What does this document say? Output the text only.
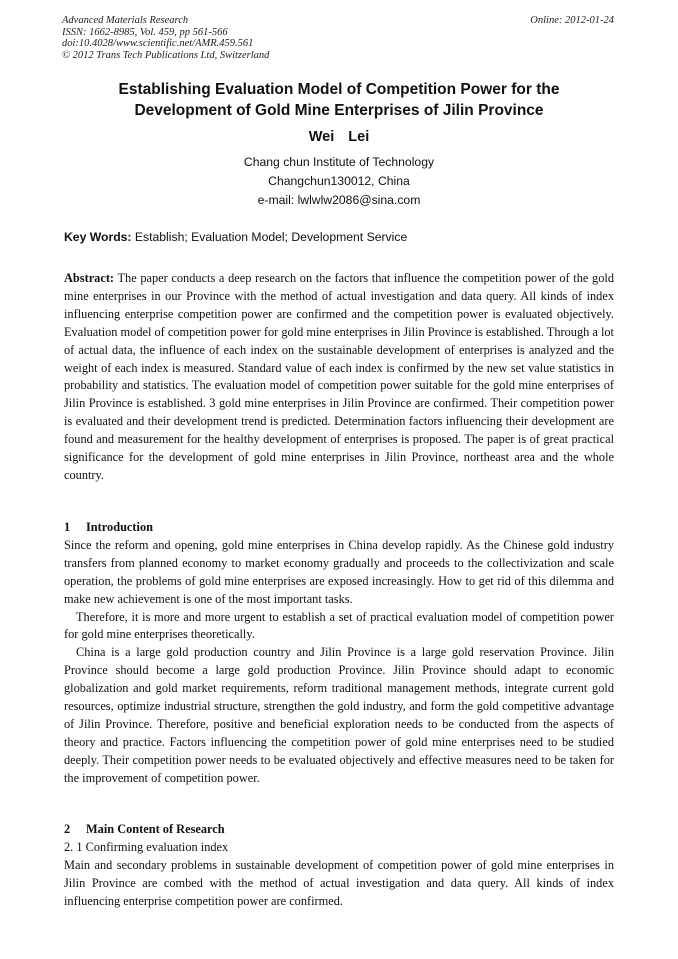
Advanced Materials Research
ISSN: 1662-8985, Vol. 459, pp 561-566
doi:10.4028/www.scientific.net/AMR.459.561
© 2012 Trans Tech Publications Ltd, Switzerland
Online: 2012-01-24
Establishing Evaluation Model of Competition Power for the
Development of Gold Mine Enterprises of Jilin Province
Wei Lei
Chang chun Institute of Technology
Changchun130012, China
e-mail: lwlwlw2086@sina.com
Key Words: Establish; Evaluation Model; Development Service

Abstract: The paper conducts a deep research on the factors that influence the competition power of the gold mine enterprises in our Province with the method of actual investigation and data query. All kinds of index influencing enterprise competition power are confirmed and the competition power is evaluated objectively. Evaluation model of competition power for gold mine enterprises in Jilin Province is established. Through a lot of actual data, the influence of each index on the sustainable development of enterprises is analyzed and the weight of each index is measured. Standard value of each index is confirmed by the new set value statistics in probability and statistics. The evaluation model of competition power suitable for the gold mine enterprises of Jilin Province is established. 3 gold mine enterprises in Jilin Province are confirmed. Their competition power is evaluated and their development trend is predicted. Determination factors influencing their development are found and measurement for the healthy development of enterprises is proposed. The paper is of great practical significance for the development of gold mine enterprises in Jilin Province, northeast area and the whole country.

1 Introduction

Since the reform and opening, gold mine enterprises in China develop rapidly. As the Chinese gold industry transfers from planned economy to market economy gradually and proceeds to the collectivization and scale operation, the problems of gold mine enterprises are exposed increasingly. How to get rid of this dilemma and make new achievement is one of the most important tasks.

Therefore, it is more and more urgent to establish a set of practical evaluation model of competition power for gold mine enterprises theoretically.

China is a large gold production country and Jilin Province is a large gold reservation Province. Jilin Province should become a large gold production Province. Jilin Province should adapt to economic globalization and gold market requirements, reform traditional management methods, integrate current gold resources, optimize industrial structure, strengthen the gold industry, and form the gold competitive advantage of Jilin Province. Therefore, positive and beneficial exploration needs to be conducted from the aspects of theory and practice. Factors influencing the competition power of gold mine enterprises need to be studied deeply. Their competition power needs to be evaluated objectively and effective measures need to be taken for the improvement of competition power.

2 Main Content of Research
2. 1 Confirming evaluation index

Main and secondary problems in sustainable development of competition power of gold mine enterprises in Jilin Province are combed with the method of actual investigation and data query. All kinds of index influencing enterprise competition power are confirmed.
